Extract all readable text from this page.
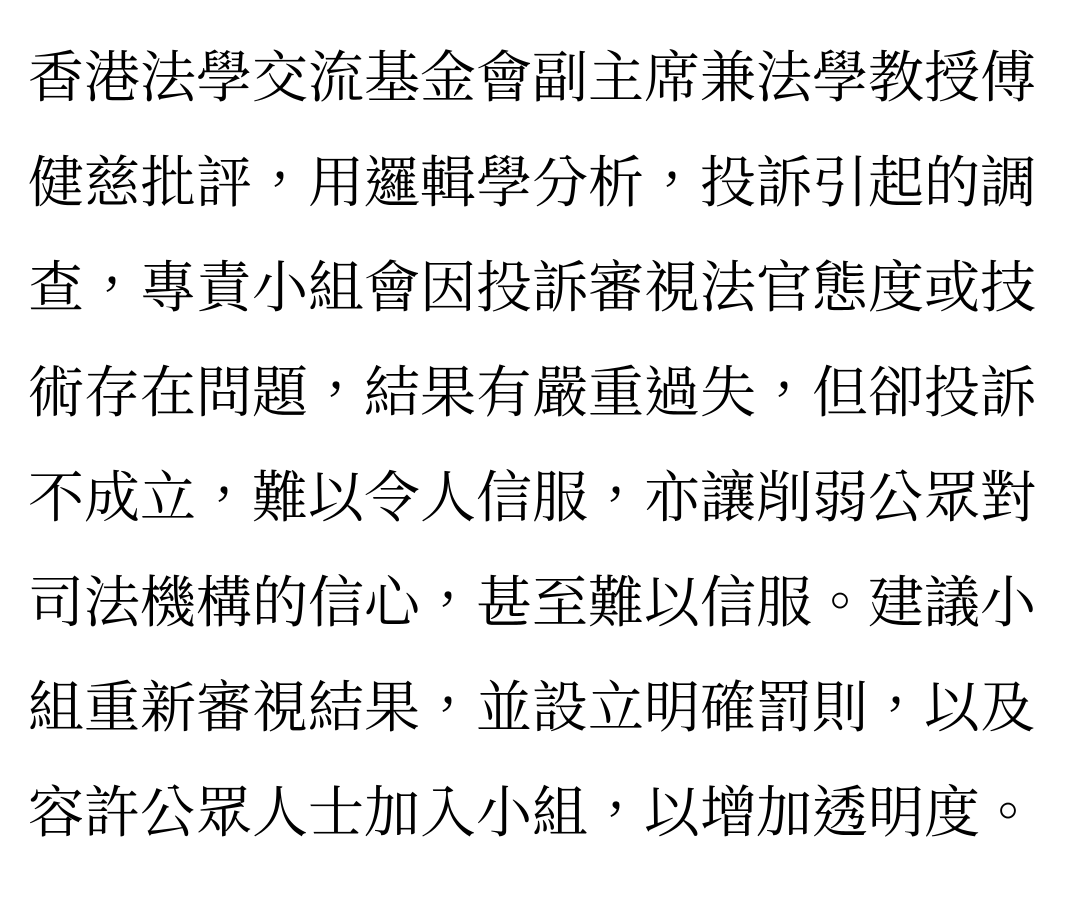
香港法學交流基金會副主席兼法學教授傅
健慈批評，用邏輯學分析，投訴引起的調
查，專責小組會因投訴審視法官態度或技
術存在問題，結果有嚴重過失，但卻投訴
不成立，難以令人信服，亦讓削弱公眾對
司法機構的信心，甚至難以信服。建議小
組重新審視結果，並設立明確罰則，以及
容許公眾人士加入小組，以增加透明度。
